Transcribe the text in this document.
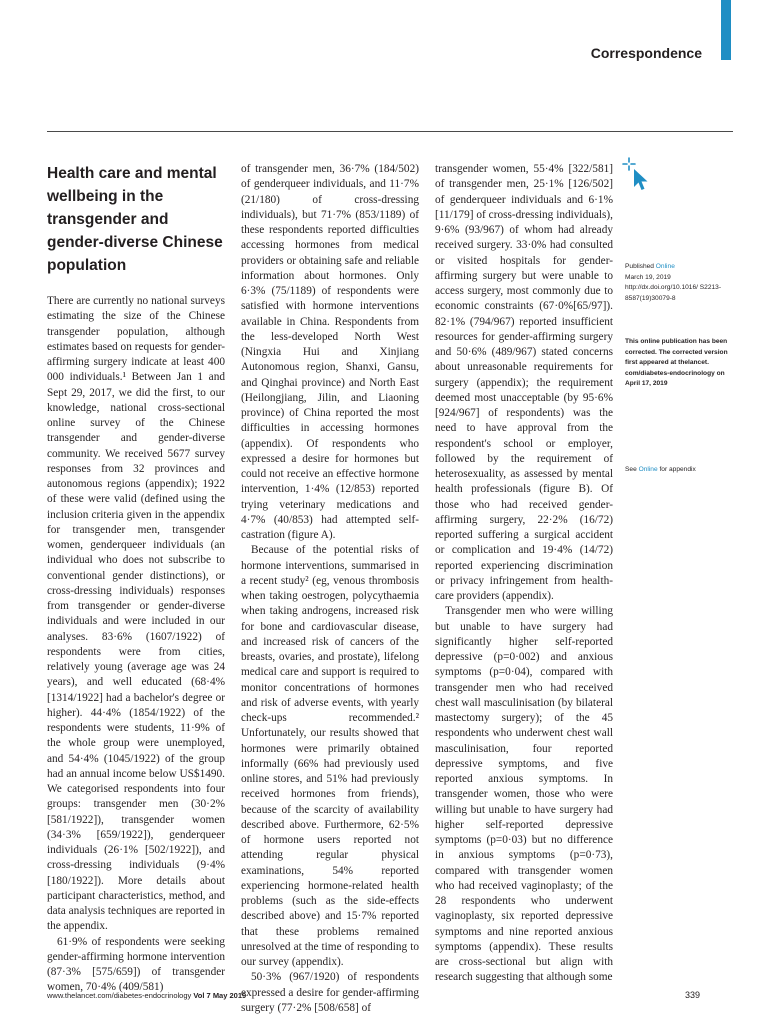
Correspondence
Health care and mental wellbeing in the transgender and gender-diverse Chinese population

There are currently no national surveys estimating the size of the Chinese transgender population, although estimates based on requests for gender-affirming surgery indicate at least 400 000 individuals.¹ Between Jan 1 and Sept 29, 2017, we did the first, to our knowledge, national cross-sectional online survey of the Chinese transgender and gender-diverse community. We received 5677 survey responses from 32 provinces and autonomous regions (appendix); 1922 of these were valid (defined using the inclusion criteria given in the appendix for transgender men, transgender women, genderqueer individuals (an individual who does not subscribe to conventional gender distinctions), or cross-dressing individuals) responses from transgender or gender-diverse individuals and were included in our analyses. 83·6% (1607/1922) of respondents were from cities, relatively young (average age was 24 years), and well educated (68·4% [1314/1922] had a bachelor's degree or higher). 44·4% (1854/1922) of the respondents were students, 11·9% of the whole group were unemployed, and 54·4% (1045/1922) of the group had an annual income below US$1490. We categorised respondents into four groups: transgender men (30·2% [581/1922]), transgender women (34·3% [659/1922]), genderqueer individuals (26·1% [502/1922]), and cross-dressing individuals (9·4% [180/1922]). More details about participant characteristics, method, and data analysis techniques are reported in the appendix.

61·9% of respondents were seeking gender-affirming hormone intervention (87·3% [575/659]) of transgender women, 70·4% (409/581)

of transgender men, 36·7% (184/502) of genderqueer individuals, and 11·7% (21/180) of cross-dressing individuals), but 71·7% (853/1189) of these respondents reported difficulties accessing hormones from medical providers or obtaining safe and reliable information about hormones. Only 6·3% (75/1189) of respondents were satisfied with hormone interventions available in China. Respondents from the less-developed North West (Ningxia Hui and Xinjiang Autonomous region, Shanxi, Gansu, and Qinghai province) and North East (Heilongjiang, Jilin, and Liaoning province) of China reported the most difficulties in accessing hormones (appendix). Of respondents who expressed a desire for hormones but could not receive an effective hormone intervention, 1·4% (12/853) reported trying veterinary medications and 4·7% (40/853) had attempted self-castration (figure A).

Because of the potential risks of hormone interventions, summarised in a recent study² (eg, venous thrombosis when taking oestrogen, polycythaemia when taking androgens, increased risk for bone and cardiovascular disease, and increased risk of cancers of the breasts, ovaries, and prostate), lifelong medical care and support is required to monitor concentrations of hormones and risk of adverse events, with yearly check-ups recommended.² Unfortunately, our results showed that hormones were primarily obtained informally (66% had previously used online stores, and 51% had previously received hormones from friends), because of the scarcity of availability described above. Furthermore, 62·5% of hormone users reported not attending regular physical examinations, 54% reported experiencing hormone-related health problems (such as the side-effects described above) and 15·7% reported that these problems remained unresolved at the time of responding to our survey (appendix).

50·3% (967/1920) of respondents expressed a desire for gender-affirming surgery (77·2% [508/658] of

transgender women, 55·4% [322/581] of transgender men, 25·1% [126/502] of genderqueer individuals and 6·1% [11/179] of cross-dressing individuals), 9·6% (93/967) of whom had already received surgery. 33·0% had consulted or visited hospitals for gender-affirming surgery but were unable to access surgery, most commonly due to economic constraints (67·0%[65/97]). 82·1% (794/967) reported insufficient resources for gender-affirming surgery and 50·6% (489/967) stated concerns about unreasonable requirements for surgery (appendix); the requirement deemed most unacceptable (by 95·6% [924/967] of respondents) was the need to have approval from the respondent's school or employer, followed by the requirement of heterosexuality, as assessed by mental health professionals (figure B). Of those who had received gender-affirming surgery, 22·2% (16/72) reported suffering a surgical accident or complication and 19·4% (14/72) reported experiencing discrimination or privacy infringement from health-care providers (appendix).

Transgender men who were willing but unable to have surgery had significantly higher self-reported depressive (p=0·002) and anxious symptoms (p=0·04), compared with transgender men who had received chest wall masculinisation (by bilateral mastectomy surgery); of the 45 respondents who underwent chest wall masculinisation, four reported depressive symptoms, and five reported anxious symptoms. In transgender women, those who were willing but unable to have surgery had higher self-reported depressive symptoms (p=0·03) but no difference in anxious symptoms (p=0·73), compared with transgender women who had received vaginoplasty; of the 28 respondents who underwent vaginoplasty, six reported depressive symptoms and nine reported anxious symptoms (appendix). These results are cross-sectional but align with research suggesting that although some

Published Online
March 19, 2019
http://dx.doi.org/10.1016/ S2213-8587(19)30079-8
This online publication has been corrected. The corrected version first appeared at thelancet. com/diabetes-endocrinology on April 17, 2019
See Online for appendix
www.thelancet.com/diabetes-endocrinology Vol 7 May 2019	339
